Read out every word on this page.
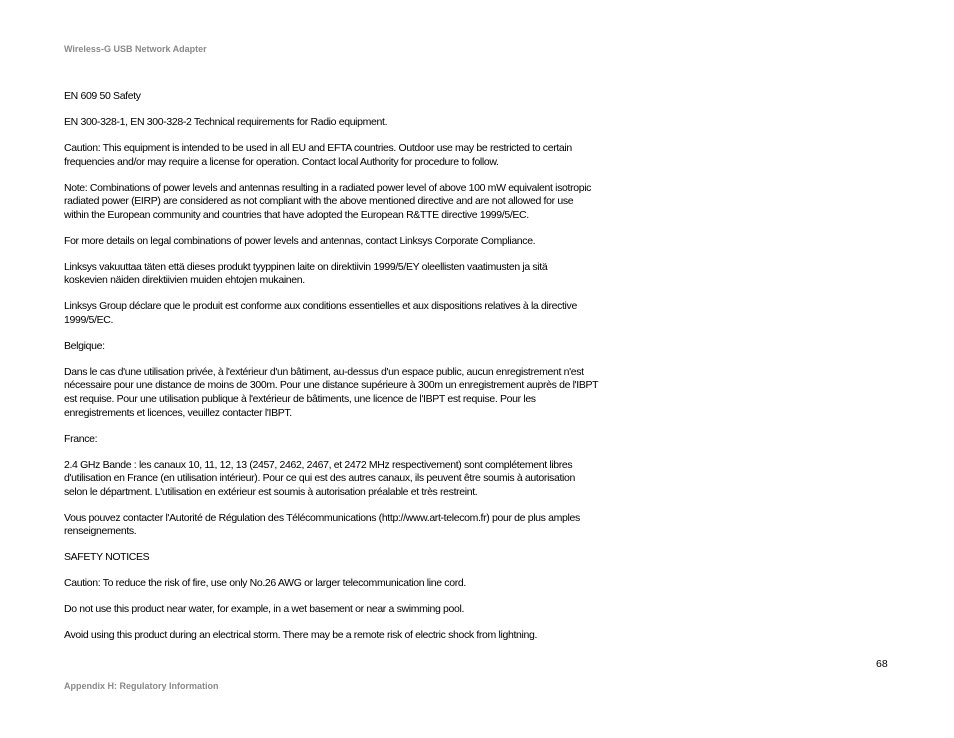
Wireless-G USB Network Adapter

EN 609 50 Safety

EN 300-328-1, EN 300-328-2 Technical requirements for Radio equipment.

Caution: This equipment is intended to be used in all EU and EFTA countries. Outdoor use may be restricted to certain
frequencies and/or may require a license for operation. Contact local Authority for procedure to follow.

Note: Combinations of power levels and antennas resulting in a radiated power level of above 100 mW equivalent isotropic
radiated power (EIRP) are considered as not compliant with the above mentioned directive and are not allowed for use
within the European community and countries that have adopted the European R&TTE directive 1999/5/EC.

For more details on legal combinations of power levels and antennas, contact Linksys Corporate Compliance.

Linksys vakuuttaa täten että dieses produkt tyyppinen laite on direktiivin 1999/5/EY oleellisten vaatimusten ja sitä
koskevien näiden direktiivien muiden ehtojen mukainen.

Linksys Group déclare que le produit est conforme aux conditions essentielles et aux dispositions relatives à la directive
1999/5/EC.

Belgique:

Dans le cas d'une utilisation privée, à l'extérieur d'un bâtiment, au-dessus d'un espace public, aucun enregistrement n'est
nécessaire pour une distance de moins de 300m. Pour une distance supérieure à 300m un enregistrement auprès de l'IBPT
est requise. Pour une utilisation publique à l'extérieur de bâtiments, une licence de l'IBPT est requise. Pour les
enregistrements et licences, veuillez contacter l'IBPT.

France:

2.4 GHz Bande : les canaux 10, 11, 12, 13 (2457, 2462, 2467, et 2472 MHz respectivement) sont complétement libres
d'utilisation en France (en utilisation intérieur). Pour ce qui est des autres canaux, ils peuvent être soumis à autorisation
selon le départment. L'utilisation en extérieur est soumis à autorisation préalable et très restreint.

Vous pouvez contacter l'Autorité de Régulation des Télécommunications (http://www.art-telecom.fr) pour de plus amples
renseignements.

SAFETY NOTICES

Caution: To reduce the risk of fire, use only No.26 AWG or larger telecommunication line cord.

Do not use this product near water, for example, in a wet basement or near a swimming pool.

Avoid using this product during an electrical storm. There may be a remote risk of electric shock from lightning.

68
Appendix H: Regulatory Information
